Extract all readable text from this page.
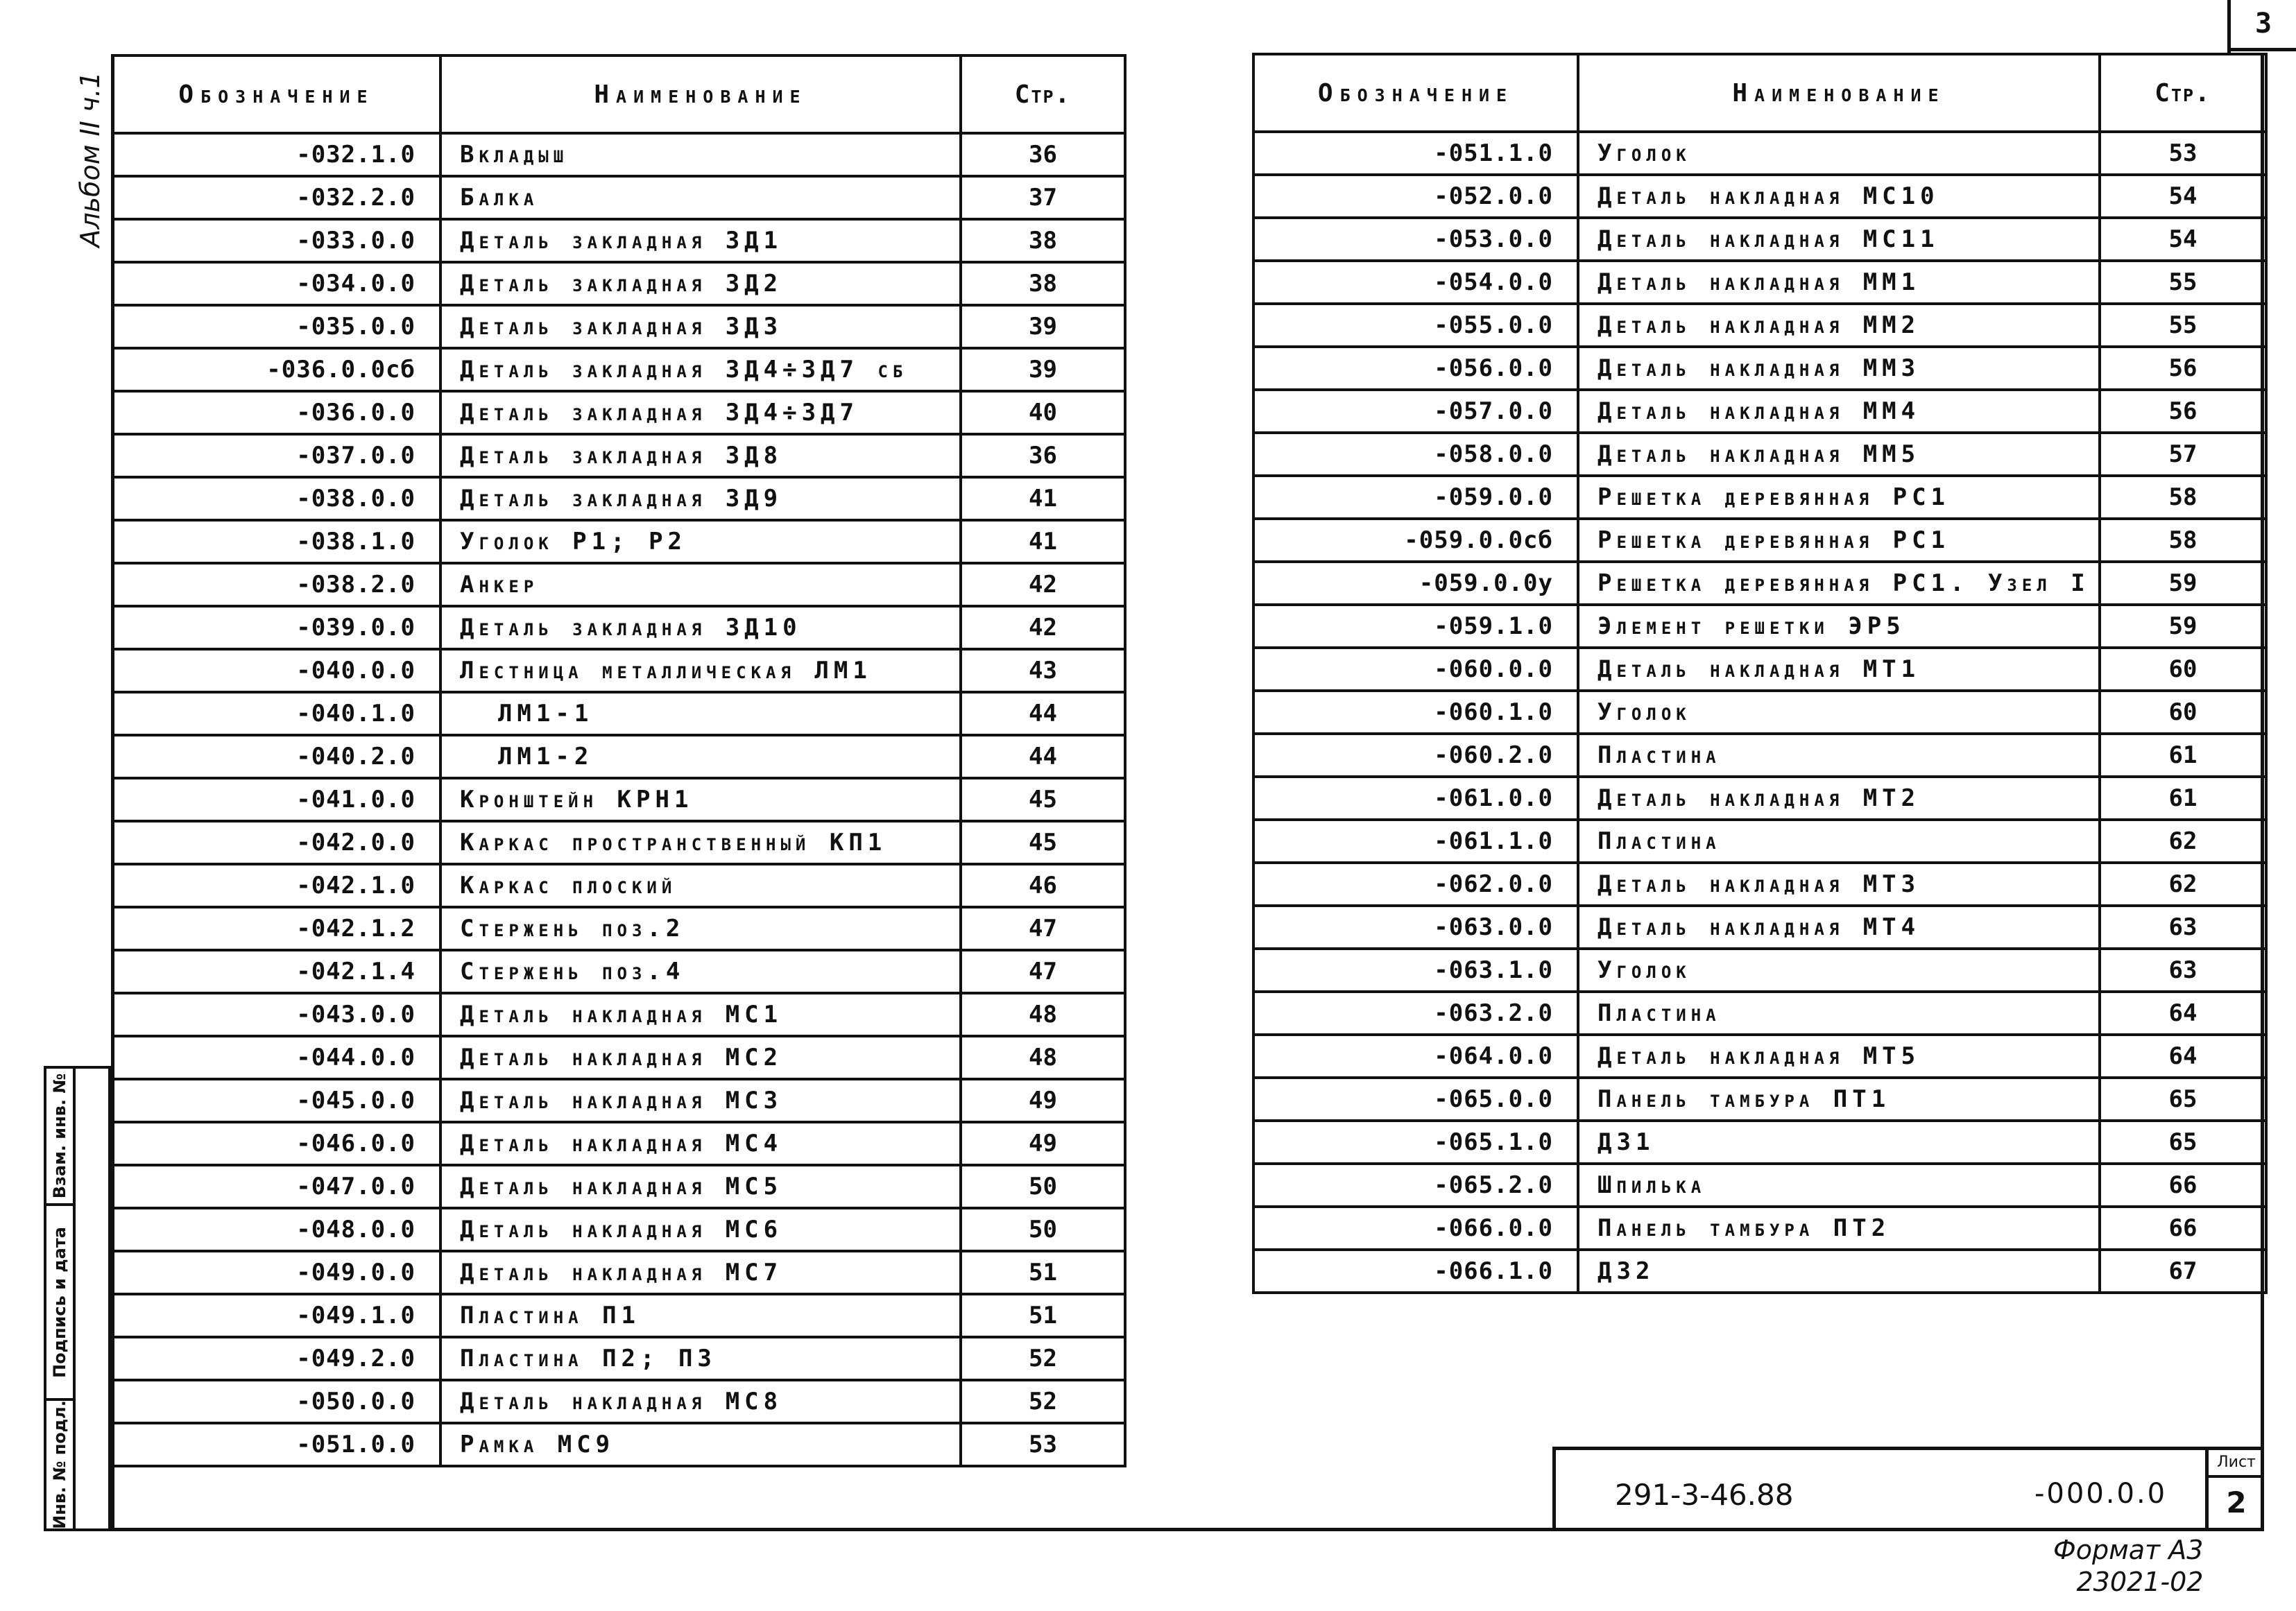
3
Альбом II ч.1
Взам. инв. №
Подпись и дата
Инв. № подл.
Обозначение	Наименование	Стр.
-032.1.0	Вкладыш	36
-032.2.0	Балка	37
-033.0.0	Деталь закладная ЗД1	38
-034.0.0	Деталь закладная ЗД2	38
-035.0.0	Деталь закладная ЗД3	39
-036.0.0сб	Деталь закладная ЗД4÷ЗД7 сб	39
-036.0.0	Деталь закладная ЗД4÷ЗД7	40
-037.0.0	Деталь закладная ЗД8	36
-038.0.0	Деталь закладная ЗД9	41
-038.1.0	Уголок Р1; Р2	41
-038.2.0	Анкер	42
-039.0.0	Деталь закладная ЗД10	42
-040.0.0	Лестница металлическая ЛМ1	43
-040.1.0	ЛМ1-1	44
-040.2.0	ЛМ1-2	44
-041.0.0	Кронштейн КРН1	45
-042.0.0	Каркас пространственный КП1	45
-042.1.0	Каркас плоский	46
-042.1.2	Стержень поз.2	47
-042.1.4	Стержень поз.4	47
-043.0.0	Деталь накладная МС1	48
-044.0.0	Деталь накладная МС2	48
-045.0.0	Деталь накладная МС3	49
-046.0.0	Деталь накладная МС4	49
-047.0.0	Деталь накладная МС5	50
-048.0.0	Деталь накладная МС6	50
-049.0.0	Деталь накладная МС7	51
-049.1.0	Пластина П1	51
-049.2.0	Пластина П2; П3	52
-050.0.0	Деталь накладная МС8	52
-051.0.0	Рамка МС9	53
Обозначение	Наименование	Стр.
-051.1.0	Уголок	53
-052.0.0	Деталь накладная МС10	54
-053.0.0	Деталь накладная МС11	54
-054.0.0	Деталь накладная ММ1	55
-055.0.0	Деталь накладная ММ2	55
-056.0.0	Деталь накладная ММ3	56
-057.0.0	Деталь накладная ММ4	56
-058.0.0	Деталь накладная ММ5	57
-059.0.0	Решетка деревянная РС1	58
-059.0.0сб	Решетка деревянная РС1	58
-059.0.0у	Решетка деревянная РС1. Узел I	59
-059.1.0	Элемент решетки ЭР5	59
-060.0.0	Деталь накладная МТ1	60
-060.1.0	Уголок	60
-060.2.0	Пластина	61
-061.0.0	Деталь накладная МТ2	61
-061.1.0	Пластина	62
-062.0.0	Деталь накладная МТ3	62
-063.0.0	Деталь накладная МТ4	63
-063.1.0	Уголок	63
-063.2.0	Пластина	64
-064.0.0	Деталь накладная МТ5	64
-065.0.0	Панель тамбура ПТ1	65
-065.1.0	ДЗ1	65
-065.2.0	Шпилька	66
-066.0.0	Панель тамбура ПТ2	66
-066.1.0	ДЗ2	67
291-3-46.88	-000.0.0
Лист
2
Формат А3
23021-02
